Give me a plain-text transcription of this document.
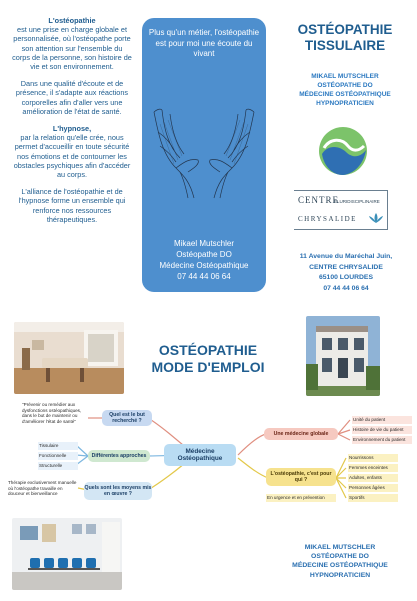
L'ostéopathie
est une prise en charge globale et personnalisée, où l'ostéopathe porte son attention sur l'ensemble du corps de la personne, son histoire de vie et son environnement.
Dans une qualité d'écoute et de présence, il s'adapte aux réactions corporelles afin d'aller vers une amélioration de l'état de santé.
L'hypnose,
par la relation qu'elle crée, nous permet d'accueillir en toute sécurité nos émotions et de contourner les obstacles psychiques afin d'accéder au corps.
L'alliance de l'ostéopathie et de l'hypnose forme un ensemble qui renforce nos ressources thérapeutiques.
Plus qu'un métier, l'ostéopathie est pour moi une écoute du vivant
Mikael Mutschler
Ostéopathe DO
Médecine Ostéopathique
07 44 44 06 64
OSTÉOPATHIE
TISSULAIRE
MIKAEL MUTSCHLER
OSTÉOPATHE DO
MÉDECINE OSTÉOPATHIQUE
HYPNOPRATICIEN
CENTRE
PLURIDISCIPLINAIRE
CHRYSALIDE
11 Avenue du Maréchal Juin,
CENTRE CHRYSALIDE
65100 LOURDES
07 44 44 06 64
OSTÉOPATHIE
MODE D'EMPLOI
Médecine Ostéopathique
Quel est le but recherché ?
"Prévenir ou remédier aux dysfonctions ostéopathiques, dans le but de maintenir ou d'améliorer l'état de santé"
Différentes approches
Tissulaire
Fonctionnelle
Structurelle
Quels sont les moyens mis en œuvre ?
Thérapie exclusivement manuelle où l'ostéopathe travaille en douceur et bienveillance
Une médecine globale
Unité du patient
Histoire de vie du patient
Environnement du patient
L'ostéopathie, c'est pour qui ?
Nourrissons
Femmes enceintes
Adultes, enfants
Personnes âgées
Sportifs
En urgence et en prévention
MIKAEL MUTSCHLER
OSTÉOPATHE DO
MÉDECINE OSTÉOPATHIQUE
HYPNOPRATICIEN
